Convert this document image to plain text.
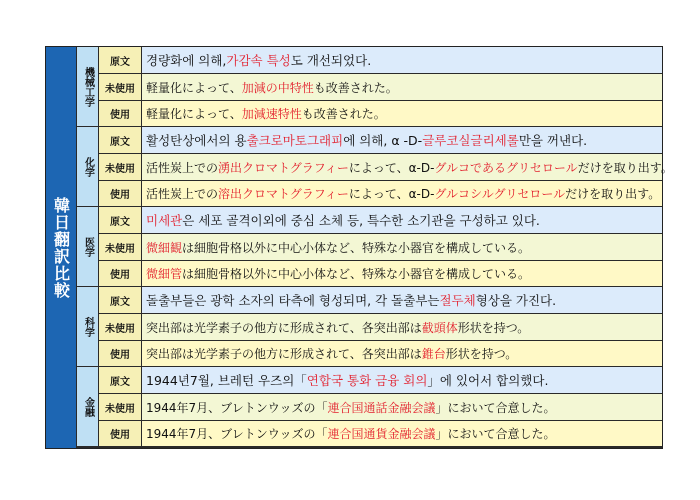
韓日翻訳比較
機械工学
原文	경량화에 의해, 가감속 특성 도 개선되었다.
未使用 軽量化によって、 加減の中特性 も改善された。
使用	軽量化によって、 加減速特性 も改善された。
化学
原文	활성탄상에서의 용 출크로마토그래피 에 의해, α -D- 글루코실글리세롤 만을 꺼낸다.
未使用 活性炭上での 湧出クロマトグラフィー によって、α-D- グルコであるグリセロール だけを取り出す。
使用	活性炭上での 溶出クロマトグラフィー によって、α-D- グルコシルグリセロール だけを取り出す。
医学
原文	미세관 은 세포 골격이외에 중심 소체 등, 특수한 소기관을 구성하고 있다.
未使用 微細観 は細胞骨格以外に中心小体など、特殊な小器官を構成している。
使用	微細管 は細胞骨格以外に中心小体など、特殊な小器官を構成している。
科学
原文	돌출부들은 광학 소자의 타측에 형성되며, 각 돌출부는 절두체 형상을 가진다.
未使用 突出部は光学素子の他方に形成されて、各突出部は 截頭体 形状を持つ。
使用	突出部は光学素子の他方に形成されて、各突出部は 錐台 形状を持つ。
金融
原文	1944년7월, 브레턴 우즈의「 연합국 통화 금융 회의 」에 있어서 합의했다.
未使用 1944年7月、ブレトンウッズの「 連合国通話金融会議 」において合意した。
使用	1944年7月、ブレトンウッズの「 連合国通貨金融会議 」において合意した。
